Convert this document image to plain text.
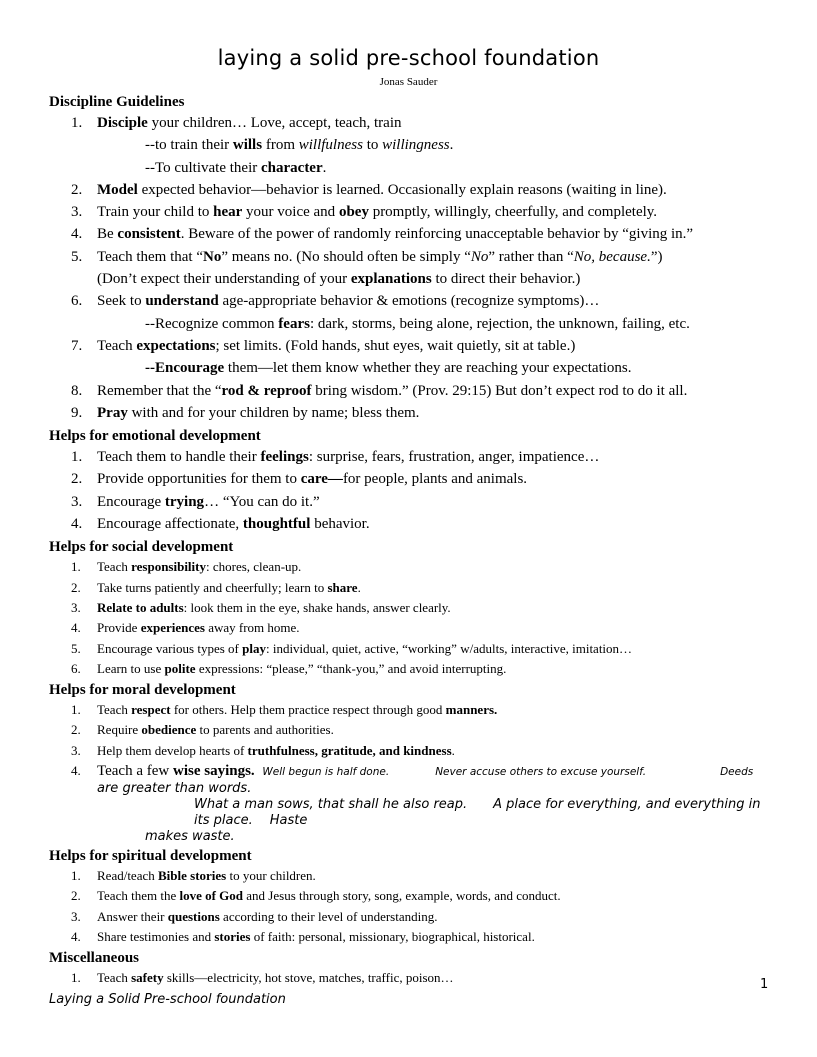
laying a solid pre-school foundation
Jonas Sauder
Discipline Guidelines
1. Disciple your children… Love, accept, teach, train
--to train their wills from willfulness to willingness.
--To cultivate their character.
2. Model expected behavior—behavior is learned. Occasionally explain reasons (waiting in line).
3. Train your child to hear your voice and obey promptly, willingly, cheerfully, and completely.
4. Be consistent. Beware of the power of randomly reinforcing unacceptable behavior by “giving in.”
5. Teach them that “No” means no. (No should often be simply “No” rather than “No, because.”)
(Don’t expect their understanding of your explanations to direct their behavior.)
6. Seek to understand age-appropriate behavior & emotions (recognize symptoms)…
--Recognize common fears: dark, storms, being alone, rejection, the unknown, failing, etc.
7. Teach expectations; set limits. (Fold hands, shut eyes, wait quietly, sit at table.)
--Encourage them—let them know whether they are reaching your expectations.
8. Remember that the “rod & reproof bring wisdom.” (Prov. 29:15) But don’t expect rod to do it all.
9. Pray with and for your children by name; bless them.
Helps for emotional development
1. Teach them to handle their feelings: surprise, fears, frustration, anger, impatience…
2. Provide opportunities for them to care—for people, plants and animals.
3. Encourage trying… “You can do it.”
4. Encourage affectionate, thoughtful behavior.
Helps for social development
1. Teach responsibility: chores, clean-up.
2. Take turns patiently and cheerfully; learn to share.
3. Relate to adults: look them in the eye, shake hands, answer clearly.
4. Provide experiences away from home.
5. Encourage various types of play: individual, quiet, active, “working” w/adults, interactive, imitation…
6. Learn to use polite expressions: “please,” “thank-you,” and avoid interrupting.
Helps for moral development
1. Teach respect for others. Help them practice respect through good manners.
2. Require obedience to parents and authorities.
3. Help them develop hearts of truthfulness, gratitude, and kindness.
4. Teach a few wise sayings. Well begun is half done.	Never accuse others to excuse yourself.	Deeds
are greater than words.
What a man sows, that shall he also reap. A place for everything, and everything in its place. Haste
makes waste.
Helps for spiritual development
1. Read/teach Bible stories to your children.
2. Teach them the love of God and Jesus through story, song, example, words, and conduct.
3. Answer their questions according to their level of understanding.
4. Share testimonies and stories of faith: personal, missionary, biographical, historical.
Miscellaneous
1. Teach safety skills—electricity, hot stove, matches, traffic, poison…	1
Laying a Solid Pre-school foundation
